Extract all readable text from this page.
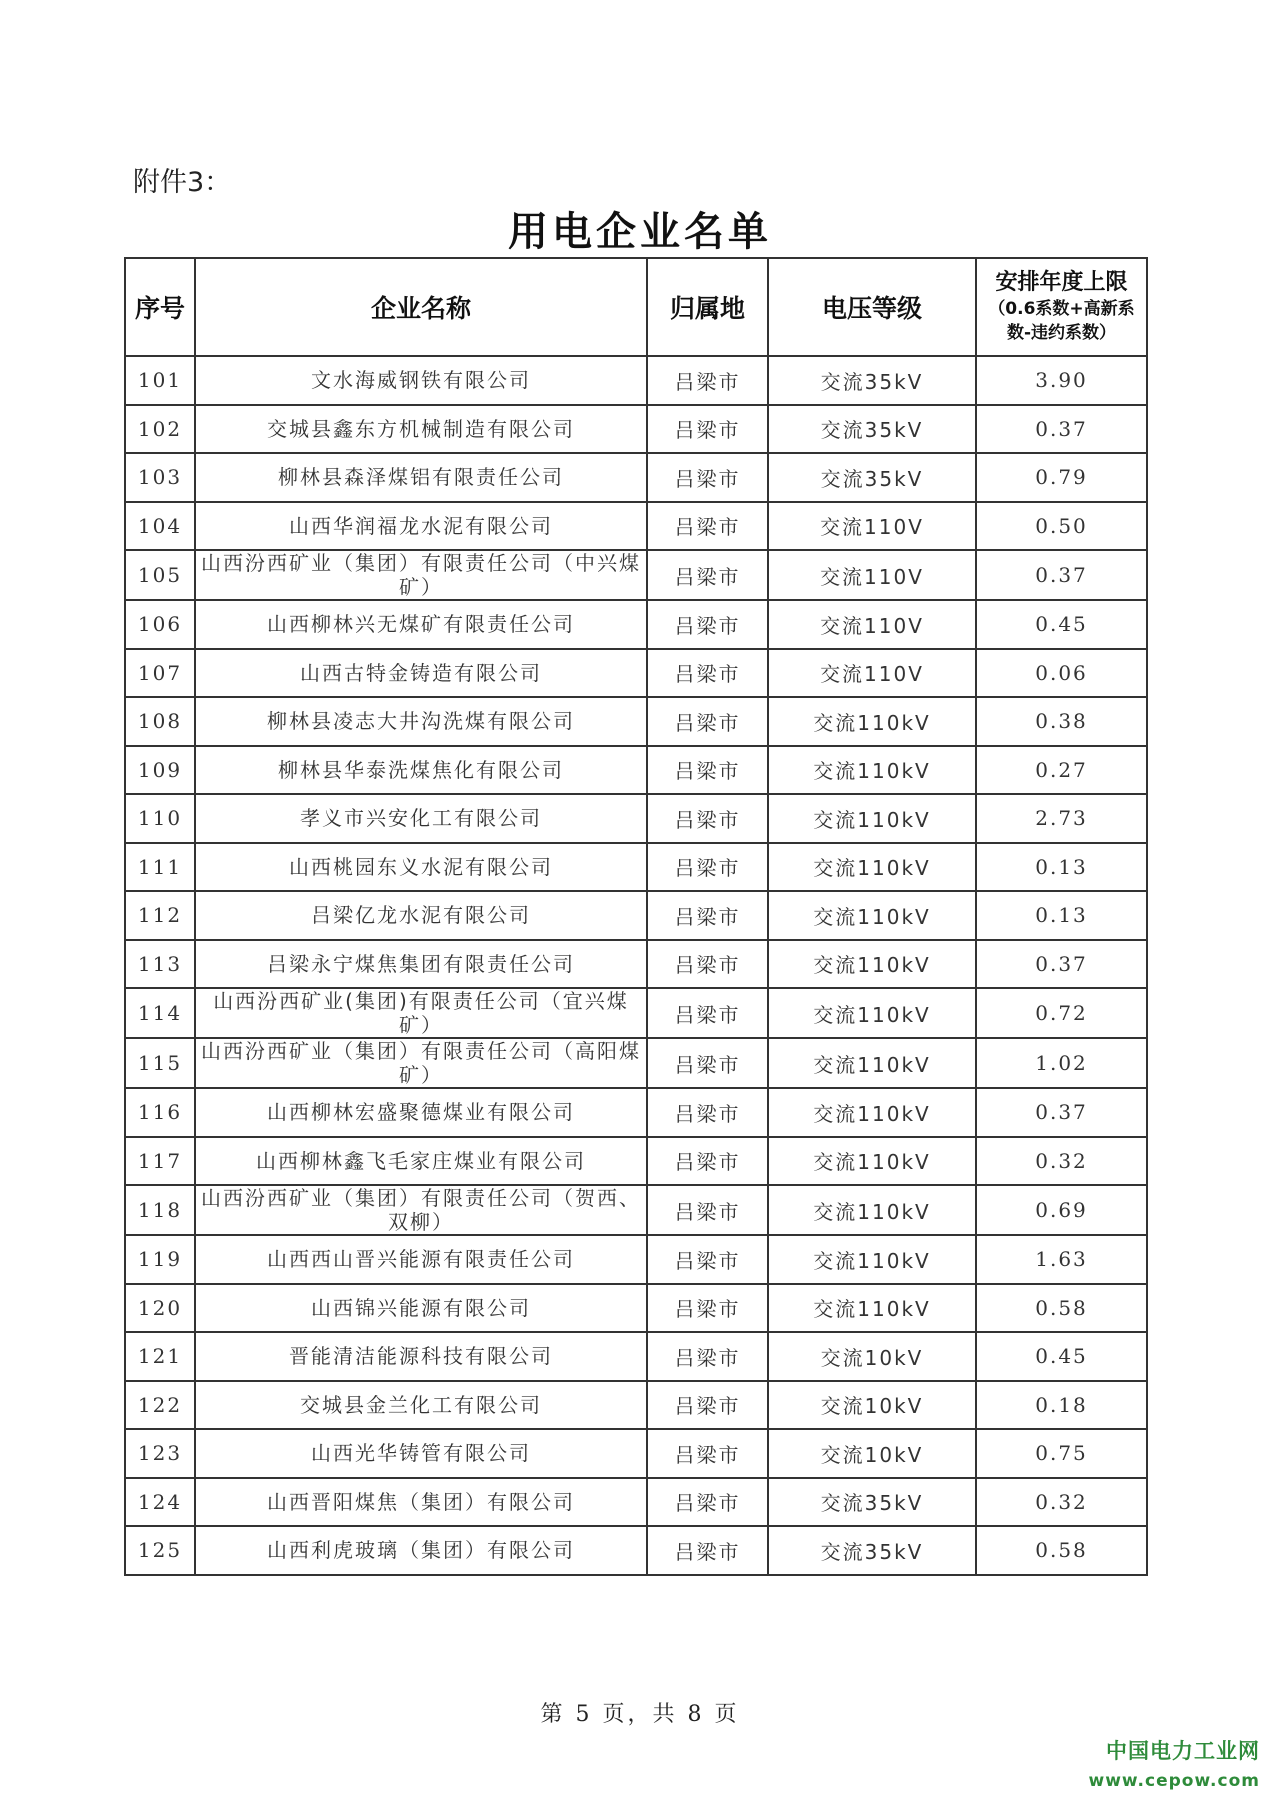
附件3：
用电企业名单
序号	企业名称	归属地	电压等级	安排年度上限
（0.6系数+高新系数-违约系数）

101	文水海威钢铁有限公司	吕梁市	交流35kV	3.90
102	交城县鑫东方机械制造有限公司	吕梁市	交流35kV	0.37
103	柳林县森泽煤铝有限责任公司	吕梁市	交流35kV	0.79
104	山西华润福龙水泥有限公司	吕梁市	交流110V	0.50
105	山西汾西矿业（集团）有限责任公司（中兴煤矿）	吕梁市	交流110V	0.37
106	山西柳林兴无煤矿有限责任公司	吕梁市	交流110V	0.45
107	山西古特金铸造有限公司	吕梁市	交流110V	0.06
108	柳林县凌志大井沟洗煤有限公司	吕梁市	交流110kV	0.38
109	柳林县华泰洗煤焦化有限公司	吕梁市	交流110kV	0.27
110	孝义市兴安化工有限公司	吕梁市	交流110kV	2.73
111	山西桃园东义水泥有限公司	吕梁市	交流110kV	0.13
112	吕梁亿龙水泥有限公司	吕梁市	交流110kV	0.13
113	吕梁永宁煤焦集团有限责任公司	吕梁市	交流110kV	0.37
114	山西汾西矿业(集团)有限责任公司（宜兴煤矿）	吕梁市	交流110kV	0.72
115	山西汾西矿业（集团）有限责任公司（高阳煤矿）	吕梁市	交流110kV	1.02
116	山西柳林宏盛聚德煤业有限公司	吕梁市	交流110kV	0.37
117	山西柳林鑫飞毛家庄煤业有限公司	吕梁市	交流110kV	0.32
118	山西汾西矿业（集团）有限责任公司（贺西、双柳）	吕梁市	交流110kV	0.69
119	山西西山晋兴能源有限责任公司	吕梁市	交流110kV	1.63
120	山西锦兴能源有限公司	吕梁市	交流110kV	0.58
121	晋能清洁能源科技有限公司	吕梁市	交流10kV	0.45
122	交城县金兰化工有限公司	吕梁市	交流10kV	0.18
123	山西光华铸管有限公司	吕梁市	交流10kV	0.75
124	山西晋阳煤焦（集团）有限公司	吕梁市	交流35kV	0.32
125	山西利虎玻璃（集团）有限公司	吕梁市	交流35kV	0.58
第 5 页，共 8 页
中国电力工业网
www.cepow.com
